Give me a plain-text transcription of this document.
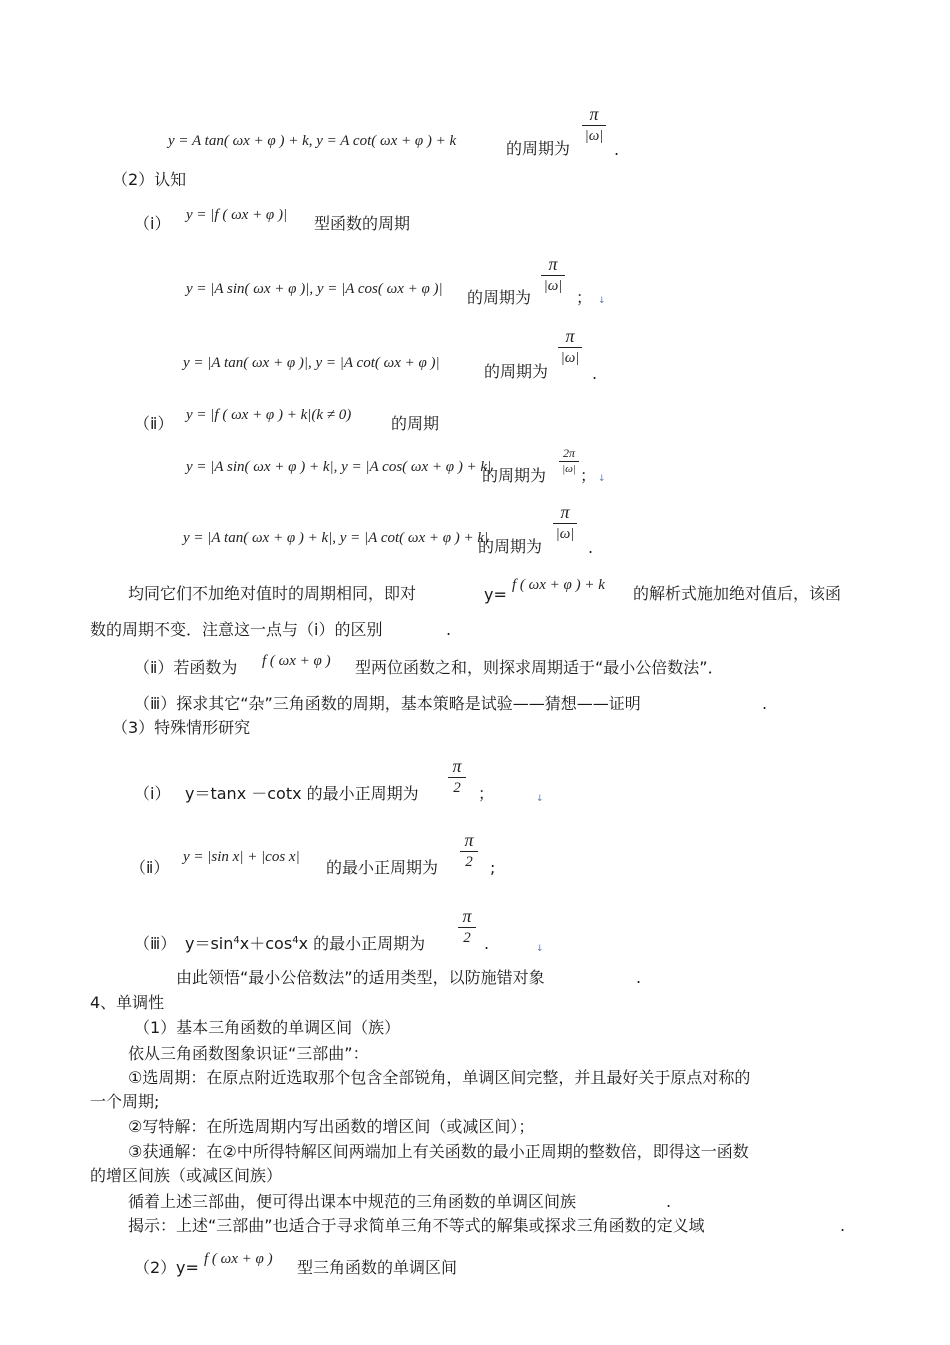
y = A tan( ωx + φ ) + k, y = A cot( ωx + φ ) + k	的周期为
π
|ω|
.
（2）认知
（ⅰ） y = |f ( ωx + φ )| 型函数的周期
y = |A sin( ωx + φ )|, y = |A cos( ωx + φ )| 的周期为
π
|ω|
； ↓
y = |A tan( ωx + φ )|, y = |A cot( ωx + φ )|	的周期为
π
|ω|
.
（ⅱ） y = |f ( ωx + φ ) + k|(k ≠ 0) 的周期
y = |A sin( ωx + φ ) + k|, y = |A cos( ωx + φ ) + k|
的周期为
2π
|ω| ； ↓
y = |A tan( ωx + φ ) + k|, y = |A cot( ωx + φ ) + k|
的周期为
π
|ω|
.
均同它们不加绝对值时的周期相同，即对	y= f ( ωx + φ ) + k 的解析式施加绝对值后，该函
数的周期不变．注意这一点与（ⅰ）的区别	.
（ⅱ）若函数为 f ( ωx + φ ) 型两位函数之和，则探求周期适于“最小公倍数法”．
（ⅲ）探求其它“杂”三角函数的周期，基本策略是试验——猜想——证明	.
（3）特殊情形研究
（ⅰ） y＝tanx －cotx 的最小正周期为
π
2	；	↓
（ⅱ）
y = |sin x| + |cos x|
的最小正周期为
π
2	;
（ⅲ） $y=\sin^4x+\cos^4x$ 的最小正周期为
π
2 .	↓
由此领悟“最小公倍数法”的适用类型，以防施错对象	.
4、单调性
（1）基本三角函数的单调区间（族）
依从三角函数图象识证“三部曲”：
①选周期：在原点附近选取那个包含全部锐角，单调区间完整，并且最好关于原点对称的
一个周期;
②写特解：在所选周期内写出函数的增区间（或减区间）；
③获通解：在②中所得特解区间两端加上有关函数的最小正周期的整数倍，即得这一函数
的增区间族（或减区间族）
循着上述三部曲，便可得出课本中规范的三角函数的单调区间族	.
揭示：上述“三部曲”也适合于寻求简单三角不等式的解集或探求三角函数的定义域	.
（2） y= f ( ωx + φ ) 型三角函数的单调区间
